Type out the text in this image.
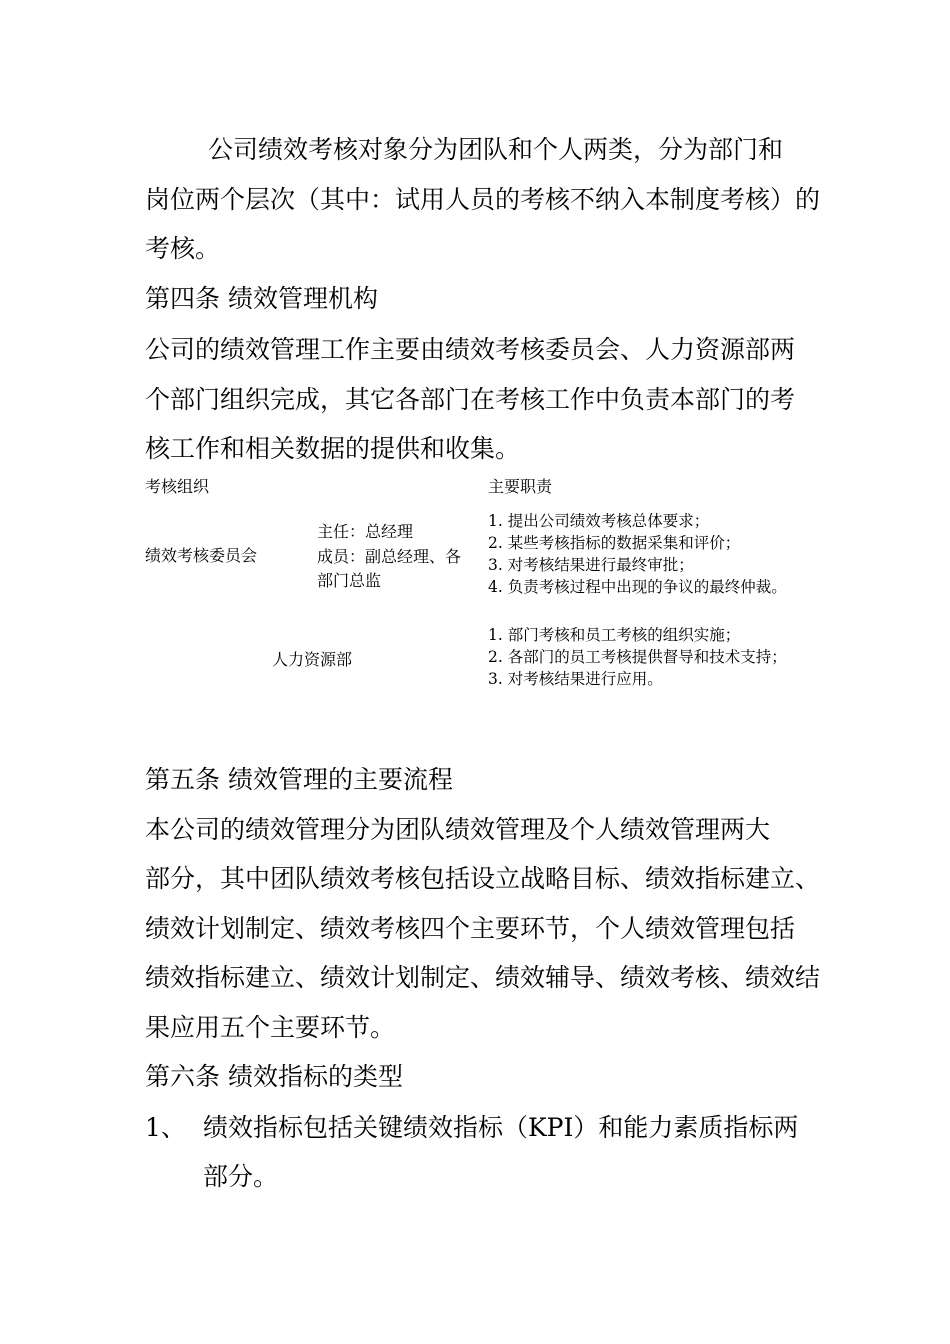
公司绩效考核对象分为团队和个人两类，分为部门和
岗位两个层次（其中：试用人员的考核不纳入本制度考核）的
考核。
第四条 绩效管理机构
公司的绩效管理工作主要由绩效考核委员会、人力资源部两
个部门组织完成，其它各部门在考核工作中负责本部门的考
核工作和相关数据的提供和收集。
考核组织	主要职责
绩效考核委员会
主任：总经理
成员：副总经理、各
部门总监
1. 提出公司绩效考核总体要求；
2. 某些考核指标的数据采集和评价；
3. 对考核结果进行最终审批；
4. 负责考核过程中出现的争议的最终仲裁。
人力资源部
1. 部门考核和员工考核的组织实施；
2. 各部门的员工考核提供督导和技术支持；
3. 对考核结果进行应用。
第五条 绩效管理的主要流程
本公司的绩效管理分为团队绩效管理及个人绩效管理两大
部分，其中团队绩效考核包括设立战略目标、绩效指标建立、
绩效计划制定、绩效考核四个主要环节，个人绩效管理包括
绩效指标建立、绩效计划制定、绩效辅导、绩效考核、绩效结
果应用五个主要环节。
第六条 绩效指标的类型
1、 绩效指标包括关键绩效指标（KPI）和能力素质指标两
部分。
